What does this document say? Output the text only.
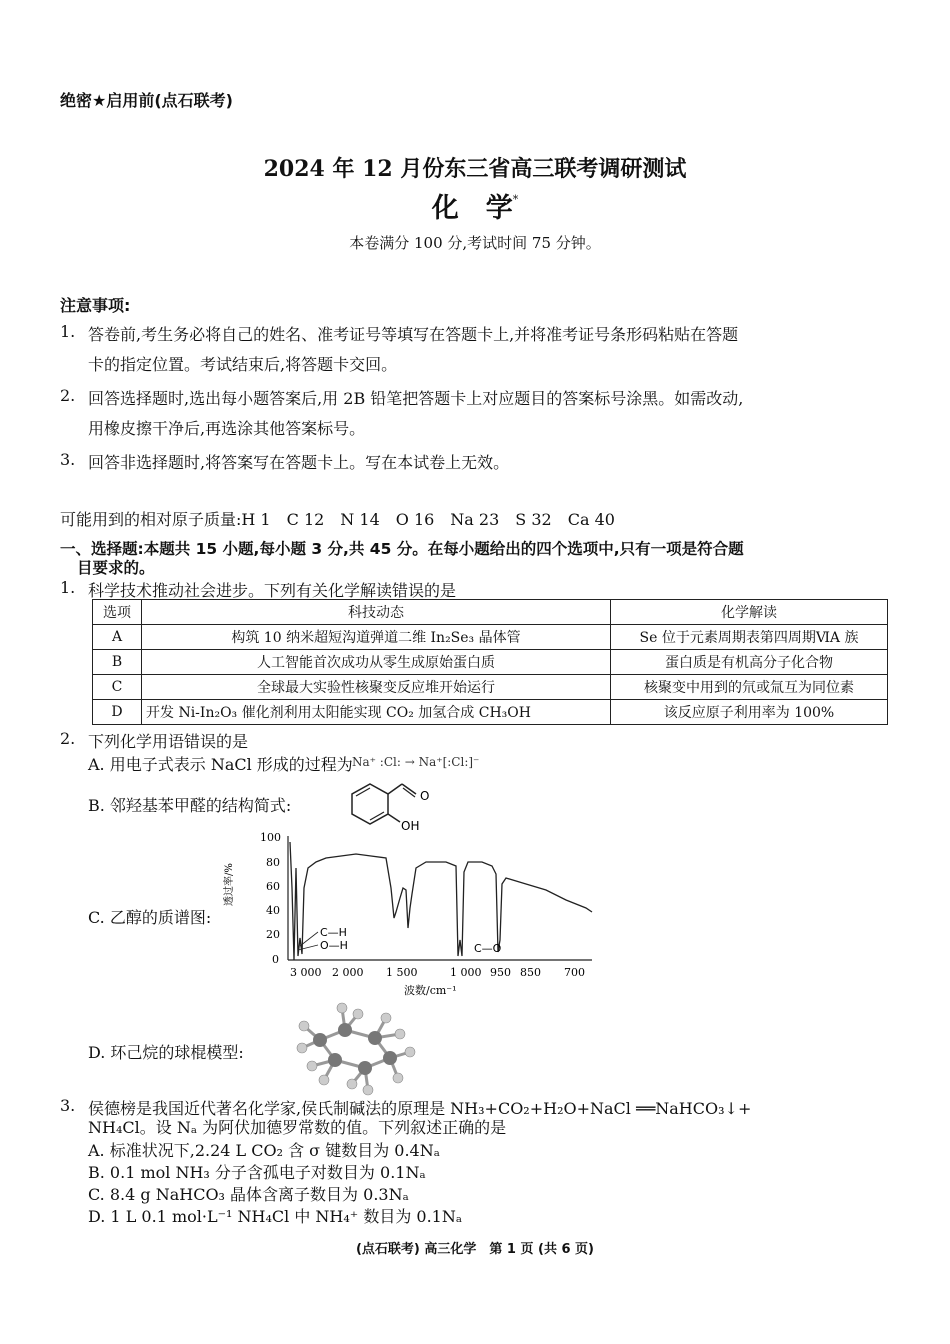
绝密★启用前(点石联考)

2024 年 12 月份东三省高三联考调研测试

化　学*

本卷满分 100 分,考试时间 75 分钟。

注意事项:

1. 答卷前,考生务必将自己的姓名、准考证号等填写在答题卡上,并将准考证号条形码粘贴在答题
卡的指定位置。考试结束后,将答题卡交回。
2. 回答选择题时,选出每小题答案后,用 2B 铅笔把答题卡上对应题目的答案标号涂黑。如需改动,
用橡皮擦干净后,再选涂其他答案标号。
3. 回答非选择题时,将答案写在答题卡上。写在本试卷上无效。

可能用到的相对原子质量:H 1　C 12　N 14　O 16　Na 23　S 32　Ca 40

一、选择题:本题共 15 小题,每小题 3 分,共 45 分。在每小题给出的四个选项中,只有一项是符合题

目要求的。

1. 科学技术推动社会进步。下列有关化学解读错误的是

选项	科技动态	化学解读
A	构筑 10 纳米超短沟道弹道二维 In₂Se₃ 晶体管	Se 位于元素周期表第四周期ⅥA 族
B	人工智能首次成功从零生成原始蛋白质	蛋白质是有机高分子化合物
C	全球最大实验性核聚变反应堆开始运行	核聚变中用到的氘或氚互为同位素
D	开发 Ni-In₂O₃ 催化剂利用太阳能实现 CO₂ 加氢合成 CH₃OH	该反应原子利用率为 100%

2. 下列化学用语错误的是

A. 用电子式表示 NaCl 形成的过程为 Na⁺ :Cl: → Na⁺[:Cl:]⁻

B. 邻羟基苯甲醛的结构简式:	O
OH

C. 乙醇的质谱图:

100
80
60
40
20
0
透过率/%
3 000 2 000 1 500	1 000 950 850 700
波数/cm⁻¹
C—H
O—H	C—O

D. 环己烷的球棍模型:

3. 侯德榜是我国近代著名化学家,侯氏制碱法的原理是 NH₃+CO₂+H₂O+NaCl ══NaHCO₃↓+

NH₄Cl。设 Nₐ 为阿伏加德罗常数的值。下列叙述正确的是

A. 标准状况下,2.24 L CO₂ 含 σ 键数目为 0.4Nₐ

B. 0.1 mol NH₃ 分子含孤电子对数目为 0.1Nₐ

C. 8.4 g NaHCO₃ 晶体含离子数目为 0.3Nₐ

D. 1 L 0.1 mol·L⁻¹ NH₄Cl 中 NH₄⁺ 数目为 0.1Nₐ

(点石联考) 高三化学　第 1 页 (共 6 页)
